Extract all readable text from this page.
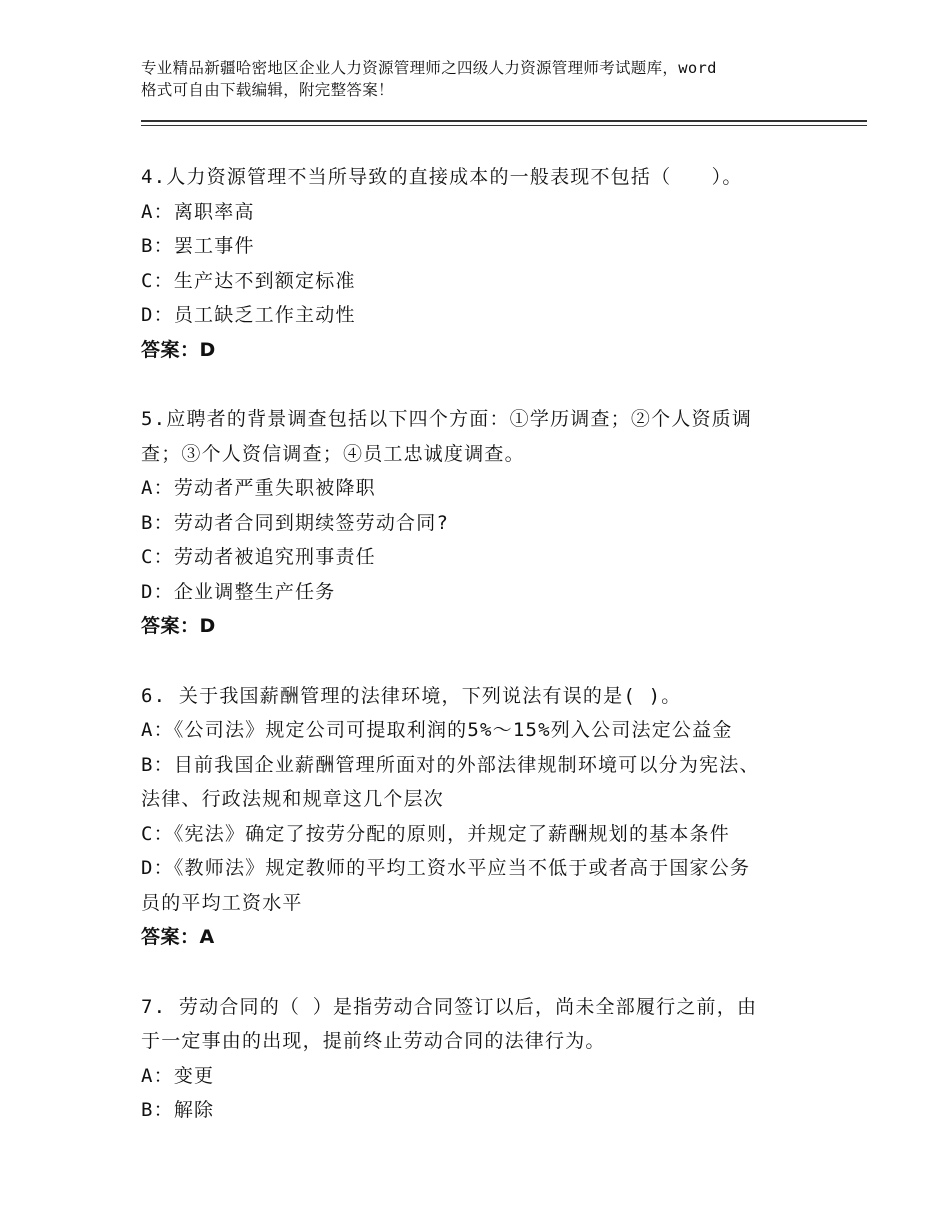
专业精品新疆哈密地区企业人力资源管理师之四级人力资源管理师考试题库，word
格式可自由下载编辑，附完整答案！
4.人力资源管理不当所导致的直接成本的一般表现不包括（　　）。
A：离职率高
B：罢工事件
C：生产达不到额定标准
D：员工缺乏工作主动性
答案：D
5.应聘者的背景调查包括以下四个方面：①学历调查；②个人资质调
查；③个人资信调查；④员工忠诚度调查。
A：劳动者严重失职被降职
B：劳动者合同到期续签劳动合同?
C：劳动者被追究刑事责任
D：企业调整生产任务
答案：D
6. 关于我国薪酬管理的法律环境，下列说法有误的是( )。
A：《公司法》规定公司可提取利润的5%～15%列入公司法定公益金
B：目前我国企业薪酬管理所面对的外部法律规制环境可以分为宪法、
法律、行政法规和规章这几个层次
C：《宪法》确定了按劳分配的原则，并规定了薪酬规划的基本条件
D：《教师法》规定教师的平均工资水平应当不低于或者高于国家公务
员的平均工资水平
答案：A
7. 劳动合同的（ ）是指劳动合同签订以后，尚未全部履行之前，由
于一定事由的出现，提前终止劳动合同的法律行为。
A：变更
B：解除
